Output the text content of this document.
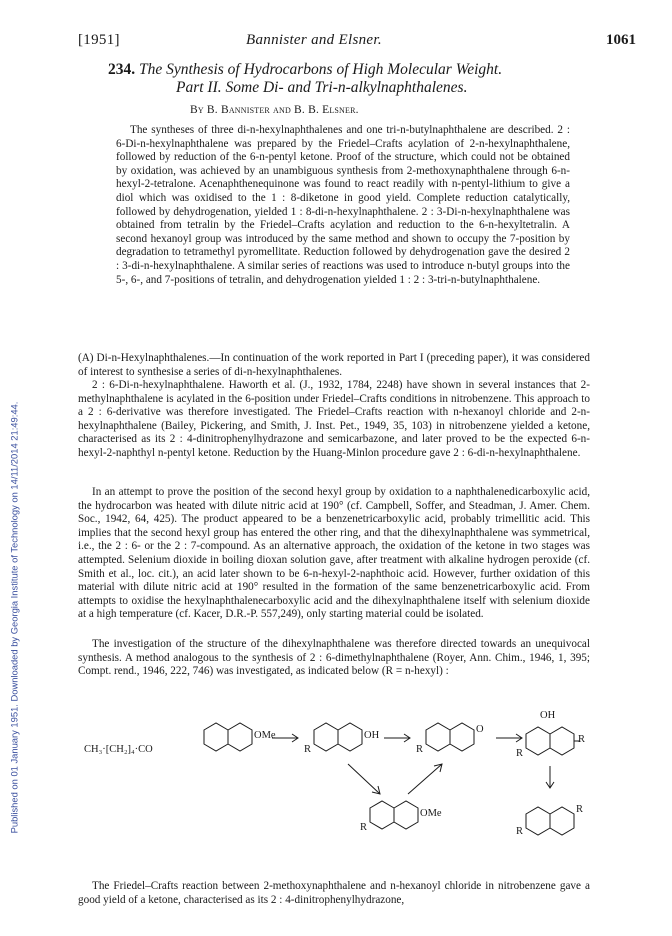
Published on 01 January 1951. Downloaded by Georgia Institute of Technology on 14/11/2014 21:49:44.
[1951]	Bannister and Elsner.	1061
234. The Synthesis of Hydrocarbons of High Molecular Weight.
Part II. Some Di- and Tri-n-alkylnaphthalenes.
By B. Bannister and B. B. Elsner.

The syntheses of three di-n-hexylnaphthalenes and one tri-n-butylnaphthalene are described. 2 : 6-Di-n-hexylnaphthalene was prepared by the Friedel–Crafts acylation of 2-n-hexylnaphthalene, followed by reduction of the 6-n-pentyl ketone. Proof of the structure, which could not be obtained by oxidation, was achieved by an unambiguous synthesis from 2-methoxynaphthalene through 6-n-hexyl-2-tetralone. Acenaphthenequinone was found to react readily with n-pentyl-lithium to give a diol which was oxidised to the 1 : 8-diketone in good yield. Complete reduction catalytically, followed by dehydrogenation, yielded 1 : 8-di-n-hexylnaphthalene. 2 : 3-Di-n-hexylnaphthalene was obtained from tetralin by the Friedel–Crafts acylation and reduction to the 6-n-hexyltetralin. A second hexanoyl group was introduced by the same method and shown to occupy the 7-position by degradation to tetramethyl pyromellitate. Reduction followed by dehydrogenation gave the desired 2 : 3-di-n-hexylnaphthalene. A similar series of reactions was used to introduce n-butyl groups into the 5-, 6-, and 7-positions of tetralin, and dehydrogenation yielded 1 : 2 : 3-tri-n-butylnaphthalene.

(A) Di-n-Hexylnaphthalenes.—In continuation of the work reported in Part I (preceding paper), it was considered of interest to synthesise a series of di-n-hexylnaphthalenes.

2 : 6-Di-n-hexylnaphthalene. Haworth et al. (J., 1932, 1784, 2248) have shown in several instances that 2-methylnaphthalene is acylated in the 6-position under Friedel–Crafts conditions in nitrobenzene. This approach to a 2 : 6-derivative was therefore investigated. The Friedel–Crafts reaction with n-hexanoyl chloride and 2-n-hexylnaphthalene (Bailey, Pickering, and Smith, J. Inst. Pet., 1949, 35, 103) in nitrobenzene yielded a ketone, characterised as its 2 : 4-dinitrophenylhydrazone and semicarbazone, and later proved to be the expected 6-n-hexyl-2-naphthyl n-pentyl ketone. Reduction by the Huang-Minlon procedure gave 2 : 6-di-n-hexylnaphthalene.

In an attempt to prove the position of the second hexyl group by oxidation to a naphthalenedicarboxylic acid, the hydrocarbon was heated with dilute nitric acid at 190° (cf. Campbell, Soffer, and Steadman, J. Amer. Chem. Soc., 1942, 64, 425). The product appeared to be a benzenetricarboxylic acid, probably trimellitic acid. This implies that the second hexyl group has entered the other ring, and that the dihexylnaphthalene was symmetrical, i.e., the 2 : 6- or the 2 : 7-compound. As an alternative approach, the oxidation of the ketone in two stages was attempted. Selenium dioxide in boiling dioxan solution gave, after treatment with alkaline hydrogen peroxide (cf. Smith et al., loc. cit.), an acid later shown to be 6-n-hexyl-2-naphthoic acid. However, further oxidation of this material with dilute nitric acid at 190° resulted in the formation of the same benzenetricarboxylic acid. From attempts to oxidise the hexylnaphthalenecarboxylic acid and the dihexylnaphthalene itself with selenium dioxide at a high temperature (cf. Kacer, D.R.-P. 557,249), only starting material could be isolated.

The investigation of the structure of the dihexylnaphthalene was therefore directed towards an unequivocal synthesis. A method analogous to the synthesis of 2 : 6-dimethylnaphthalene (Royer, Ann. Chim., 1946, 1, 395; Compt. rend., 1946, 222, 746) was investigated, as indicated below (R = n-hexyl) :

CH₃·[CH₂]₄·CO
OMe	OH
R
O
R
OH
R
R
OMe
R	R
R

The Friedel–Crafts reaction between 2-methoxynaphthalene and n-hexanoyl chloride in nitrobenzene gave a good yield of a ketone, characterised as its 2 : 4-dinitrophenylhydrazone,
